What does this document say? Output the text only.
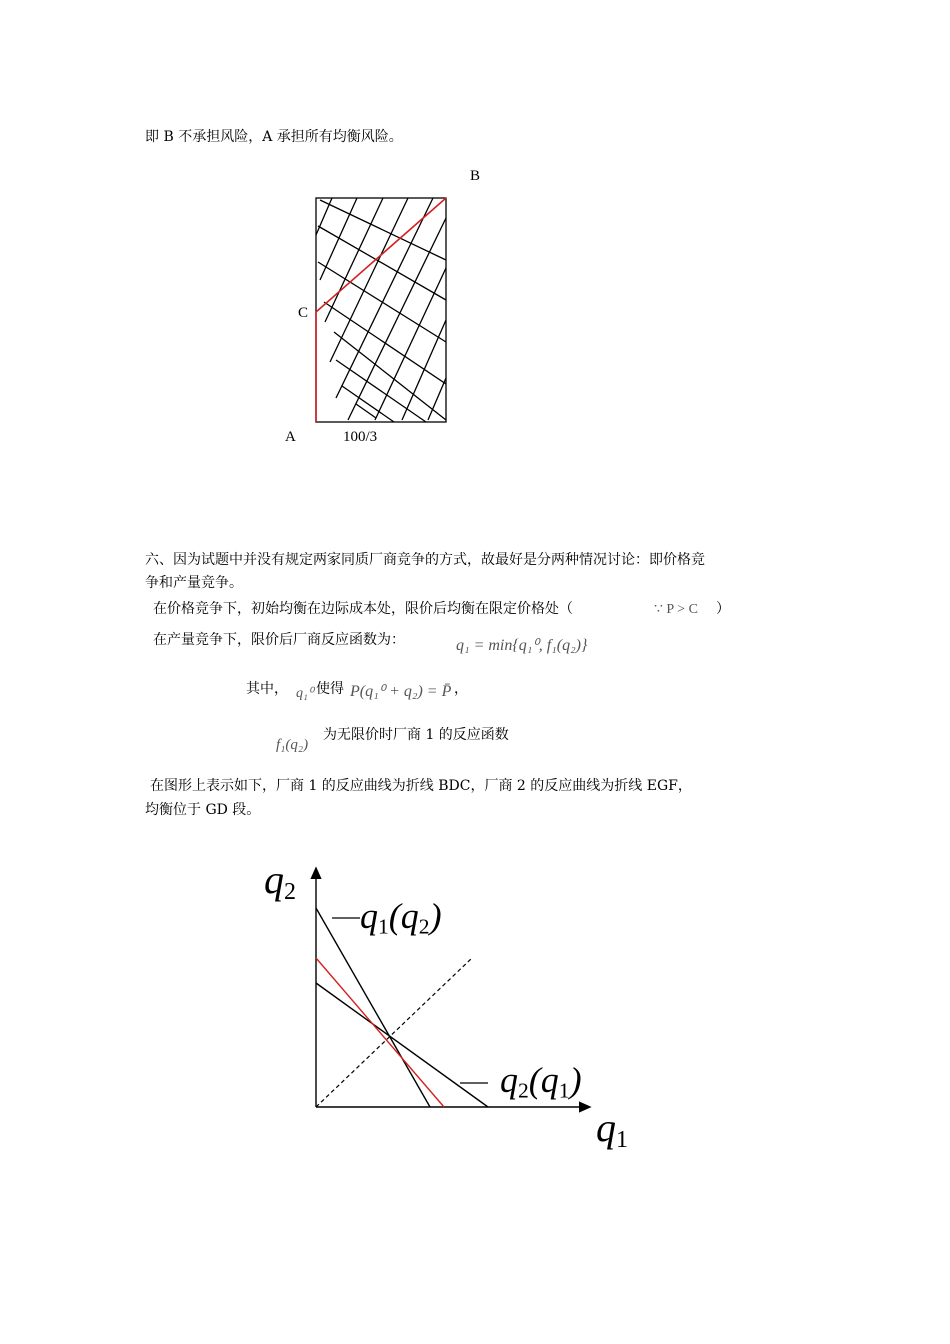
即 B 不承担风险，A 承担所有均衡风险。
B
C
A	100/3
六、因为试题中并没有规定两家同质厂商竞争的方式，故最好是分两种情况讨论：即价格竞
争和产量竞争。
在价格竞争下，初始均衡在边际成本处，限价后均衡在限定价格处（	∵ P > C ）
在产量竞争下，限价后厂商反应函数为：	q₁ = min{q₁⁰, f₁(q₂)}
其中， q₁⁰ 使得 P(q₁⁰ + q₂) = P̄ ，
f₁(q₂)
为无限价时厂商 1 的反应函数
在图形上表示如下，厂商 1 的反应曲线为折线 BDC，厂商 2 的反应曲线为折线 EGF，
均衡位于 GD 段。
$q_2$
$q_1$
$q_1(q_2)$
$q_2(q_1)$
